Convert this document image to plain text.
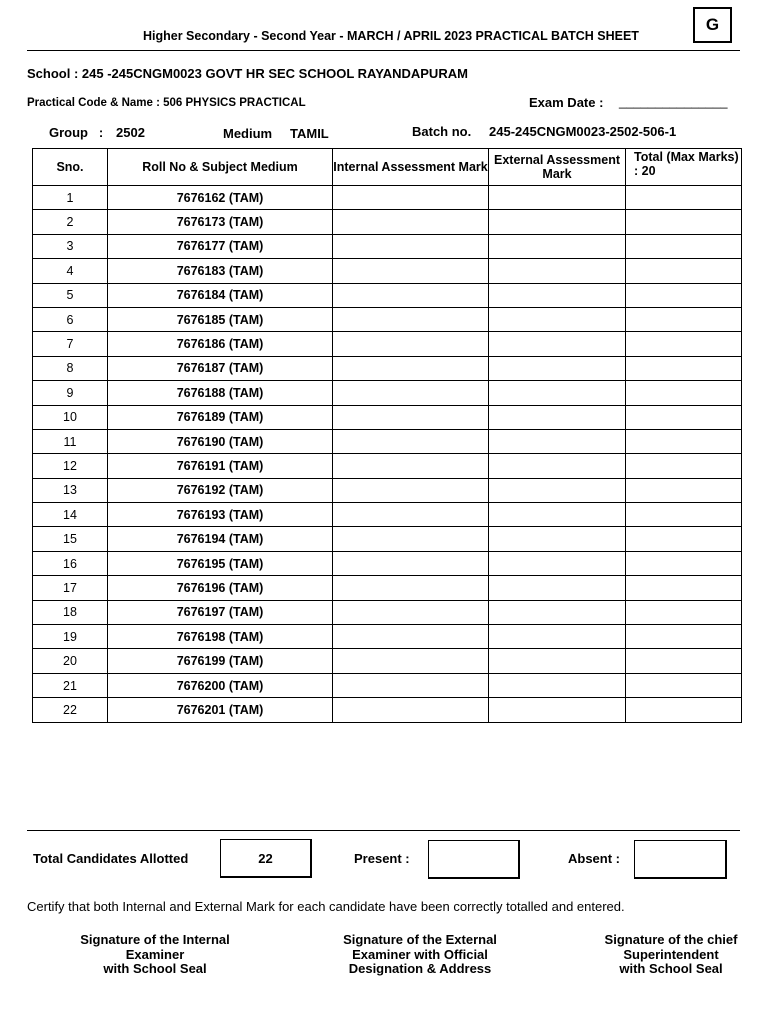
Higher Secondary - Second Year - MARCH / APRIL 2023 PRACTICAL BATCH SHEET
G
School : 245 -245CNGM0023 GOVT HR SEC SCHOOL RAYANDAPURAM
Practical Code & Name : 506 PHYSICS PRACTICAL	Exam Date : _______________
Group   : 2502	Medium TAMIL	Batch no. 245-245CNGM0023-2502-506-1
Sno.	Roll No & Subject Medium	Internal Assessment Mark	External Assessment Mark	Total (Max Marks) : 20
1	7676162 (TAM)			
2	7676173 (TAM)			
3	7676177 (TAM)			
4	7676183 (TAM)			
5	7676184 (TAM)			
6	7676185 (TAM)			
7	7676186 (TAM)			
8	7676187 (TAM)			
9	7676188 (TAM)			
10	7676189 (TAM)			
11	7676190 (TAM)			
12	7676191 (TAM)			
13	7676192 (TAM)			
14	7676193 (TAM)			
15	7676194 (TAM)			
16	7676195 (TAM)			
17	7676196 (TAM)			
18	7676197 (TAM)			
19	7676198 (TAM)			
20	7676199 (TAM)			
21	7676200 (TAM)			
22	7676201 (TAM)			
Total Candidates Allotted	22	Present :	Absent :
Certify that both Internal and External Mark for each candidate have been correctly totalled and entered.
Signature of the Internal
Examiner
with School Seal
Signature of the External
Examiner with Official
Designation & Address
Signature of the chief
Superintendent
with School Seal
